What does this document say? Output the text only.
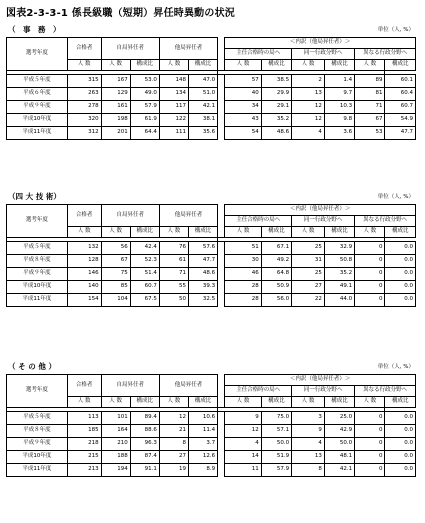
図表2-3-3-1 係長級職（短期）昇任時異動の状況
（　事　務　）	単位（人, %）
選考年度	合格者	自局昇任者		他局昇任者			＜内訳（他局昇任者）＞					
							主任合格時の局へ		同一行政分野へ		異なる行政分野へ	
	人 数	人 数	構成比	人 数	構成比		人 数	構成比	人 数	構成比	人 数	構成比

平成５年度	315	167	53.0	148	47.0		57	38.5	2	1.4	89	60.1
平成６年度	263	129	49.0	134	51.0		40	29.9	13	9.7	81	60.4
平成９年度	278	161	57.9	117	42.1		34	29.1	12	10.3	71	60.7
平成10年度	320	198	61.9	122	38.1		43	35.2	12	9.8	67	54.9
平成11年度	312	201	64.4	111	35.6		54	48.6	4	3.6	53	47.7
（四 大 技 術）	単位（人, %）
選考年度	合格者	自局昇任者		他局昇任者			＜内訳（他局昇任者）＞					
							主任合格時の局へ		同一行政分野へ		異なる行政分野へ	
	人 数	人 数	構成比	人 数	構成比		人 数	構成比	人 数	構成比	人 数	構成比

平成５年度	132	56	42.4	76	57.6		51	67.1	25	32.9	0	0.0
平成８年度	128	67	52.3	61	47.7		30	49.2	31	50.8	0	0.0
平成９年度	146	75	51.4	71	48.6		46	64.8	25	35.2	0	0.0
平成10年度	140	85	60.7	55	39.3		28	50.9	27	49.1	0	0.0
平成11年度	154	104	67.5	50	32.5		28	56.0	22	44.0	0	0.0
（ そ の 他 ）	単位（人, %）
選考年度	合格者	自局昇任者		他局昇任者			＜内訳（他局昇任者）＞					
							主任合格時の局へ		同一行政分野へ		異なる行政分野へ	
	人 数	人 数	構成比	人 数	構成比		人 数	構成比	人 数	構成比	人 数	構成比

平成５年度	113	101	89.4	12	10.6		9	75.0	3	25.0	0	0.0
平成８年度	185	164	88.6	21	11.4		12	57.1	9	42.9	0	0.0
平成９年度	218	210	96.3	8	3.7		4	50.0	4	50.0	0	0.0
平成10年度	215	188	87.4	27	12.6		14	51.9	13	48.1	0	0.0
平成11年度	213	194	91.1	19	8.9		11	57.9	8	42.1	0	0.0
